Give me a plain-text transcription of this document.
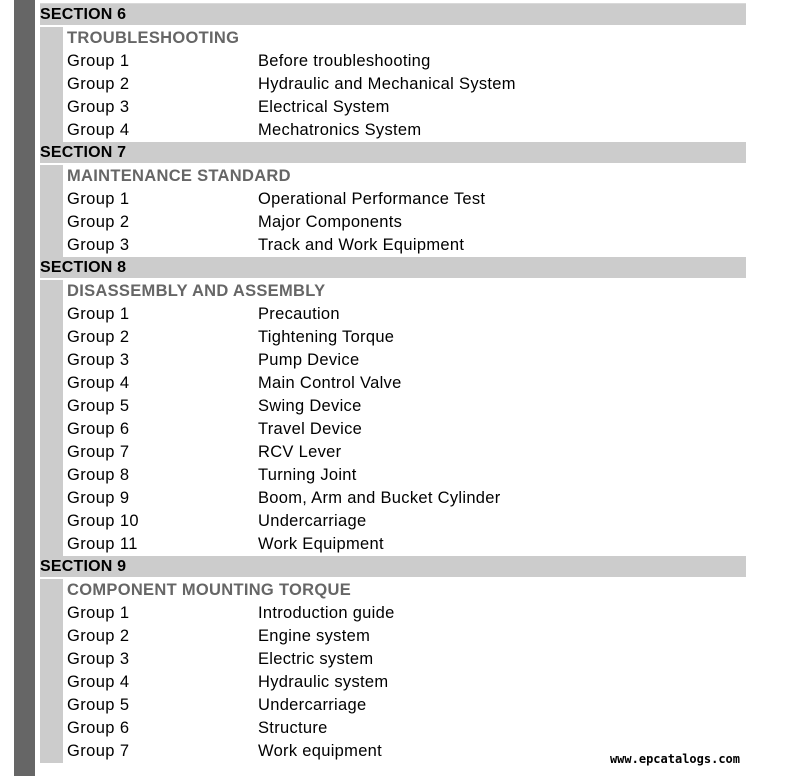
SECTION 6
TROUBLESHOOTING
Group 1	Before troubleshooting
Group 2	Hydraulic and Mechanical System
Group 3	Electrical System
Group 4	Mechatronics System
SECTION 7
MAINTENANCE STANDARD
Group 1	Operational Performance Test
Group 2	Major Components
Group 3	Track and Work Equipment
SECTION 8
DISASSEMBLY AND ASSEMBLY
Group 1	Precaution
Group 2	Tightening Torque
Group 3	Pump Device
Group 4	Main Control Valve
Group 5	Swing Device
Group 6	Travel Device
Group 7	RCV Lever
Group 8	Turning Joint
Group 9	Boom, Arm and Bucket Cylinder
Group 10	Undercarriage
Group 11	Work Equipment
SECTION 9
COMPONENT MOUNTING TORQUE
Group 1	Introduction guide
Group 2	Engine system
Group 3	Electric system
Group 4	Hydraulic system
Group 5	Undercarriage
Group 6	Structure
Group 7	Work equipment	www.epcatalogs.com
